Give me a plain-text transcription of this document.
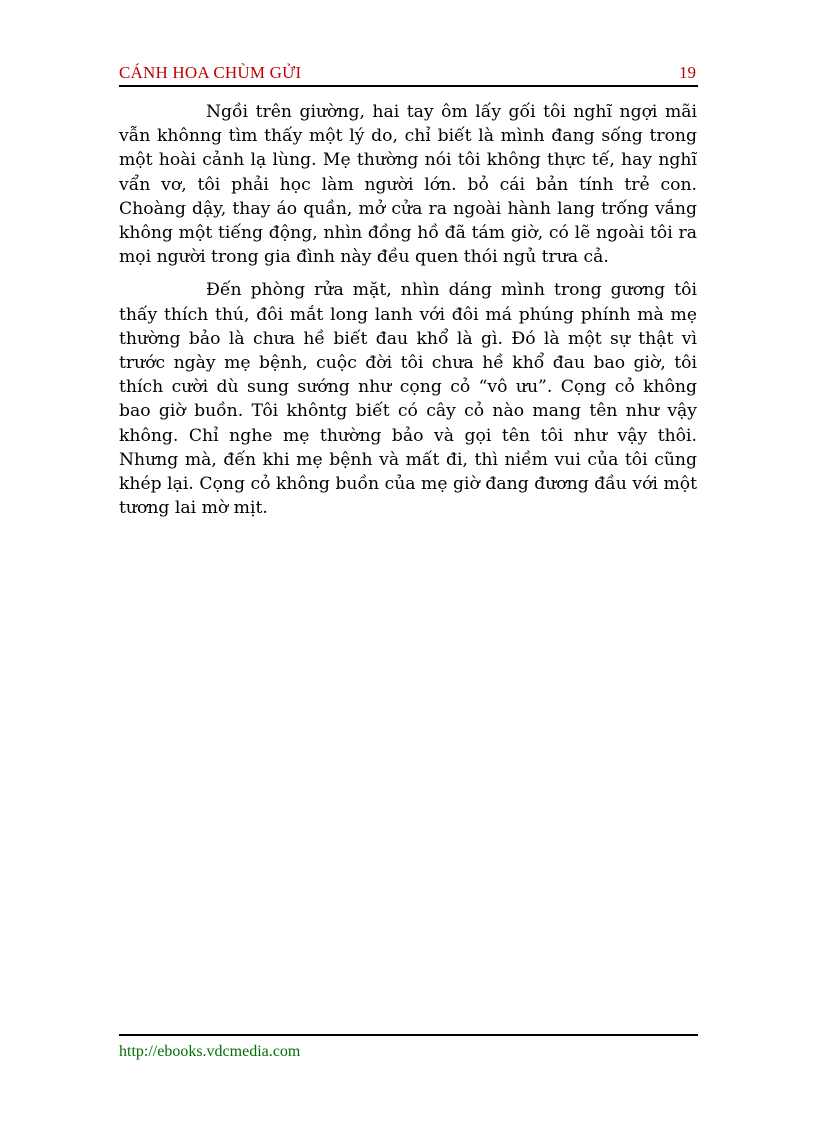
CÁNH HOA CHÙM GỬI	19

Ngồi trên giường, hai tay ôm lấy gối tôi nghĩ ngợi mãi vẫn khônng tìm thấy một lý do, chỉ biết là mình đang sống trong một hoài cảnh lạ lùng. Mẹ thường nói tôi không thực tế, hay nghĩ vẩn vơ, tôi phải học làm người lớn. bỏ cái bản tính trẻ con. Choàng dậy, thay áo quần, mở cửa ra ngoài hành lang trống vắng không một tiếng động, nhìn đồng hồ đã tám giờ, có lẽ ngoài tôi ra mọi người trong gia đình này đều quen thói ngủ trưa cả.

Đến phòng rửa mặt, nhìn dáng mình trong gương tôi thấy thích thú, đôi mắt long lanh với đôi má phúng phính mà mẹ thường bảo là chưa hề biết đau khổ là gì. Đó là một sự thật vì trước ngày mẹ bệnh, cuộc đời tôi chưa hề khổ đau bao giờ, tôi thích cười dù sung sướng như cọng cỏ “vô ưu”. Cọng cỏ không bao giờ buồn. Tôi khôntg biết có cây cỏ nào mang tên như vậy không. Chỉ nghe mẹ thường bảo và gọi tên tôi như vậy thôi. Nhưng mà, đến khi mẹ bệnh và mất đi, thì niềm vui của tôi cũng khép lại. Cọng cỏ không buồn của mẹ giờ đang đương đầu với một tương lai mờ mịt.

http://ebooks.vdcmedia.com
